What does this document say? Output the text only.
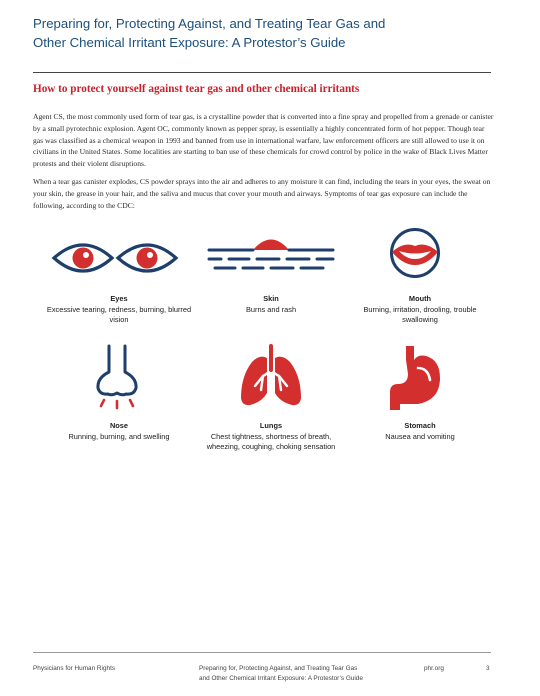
Preparing for, Protecting Against, and Treating Tear Gas and
Other Chemical Irritant Exposure: A Protestor’s Guide
How to protect yourself against tear gas and other chemical irritants

Agent CS, the most commonly used form of tear gas, is a crystalline powder that is converted into a fine spray and propelled from a grenade or canister by a small pyrotechnic explosion. Agent OC, commonly known as pepper spray, is essentially a highly concentrated form of hot pepper. Though tear gas was classified as a chemical weapon in 1993 and banned from use in international warfare, law enforcement officers are still allowed to use it on civilians in the United States. Some localities are starting to ban use of these chemicals for crowd control by police in the wake of Black Lives Matter protests and their violent disruptions.

When a tear gas canister explodes, CS powder sprays into the air and adheres to any moisture it can find, including the tears in your eyes, the sweat on your skin, the grease in your hair, and the saliva and mucus that cover your mouth and airways. Symptoms of tear gas exposure can include the following, according to the CDC:

Eyes
Excessive tearing, redness, burning, blurred vision
Skin
Burns and rash
Mouth
Burning, irritation, drooling, trouble swallowing
Nose
Running, burning, and swelling
Lungs
Chest tightness, shortness of breath, wheezing, coughing, choking sensation
Stomach
Nausea and vomiting
Physicians for Human Rights	Preparing for, Protecting Against, and Treating Tear Gas
and Other Chemical Irritant Exposure: A Protestor’s Guide
phr.org	3
